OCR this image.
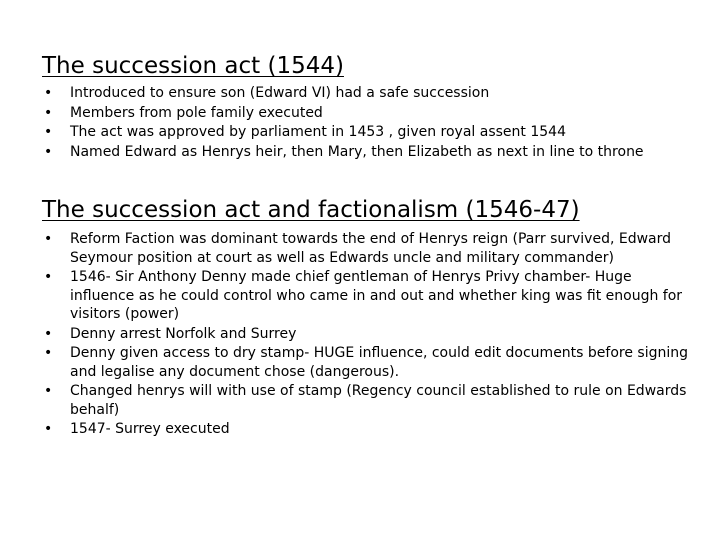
The succession act (1544)
• Introduced to ensure son (Edward VI) had a safe succession
• Members from pole family executed
• The act was approved by parliament in 1453 , given royal assent 1544
• Named Edward as Henrys heir, then Mary, then Elizabeth as next in line to throne
The succession act and factionalism (1546-47)
• Reform Faction was dominant towards the end of Henrys reign (Parr survived, Edward Seymour position at court as well as Edwards uncle and military commander)
• 1546- Sir Anthony Denny made chief gentleman of Henrys Privy chamber- Huge influence as he could control who came in and out and whether king was fit enough for visitors (power)
• Denny arrest Norfolk and Surrey
• Denny given access to dry stamp- HUGE influence, could edit documents before signing and legalise any document chose (dangerous).
• Changed henrys will with use of stamp (Regency council established to rule on Edwards behalf)
• 1547- Surrey executed
